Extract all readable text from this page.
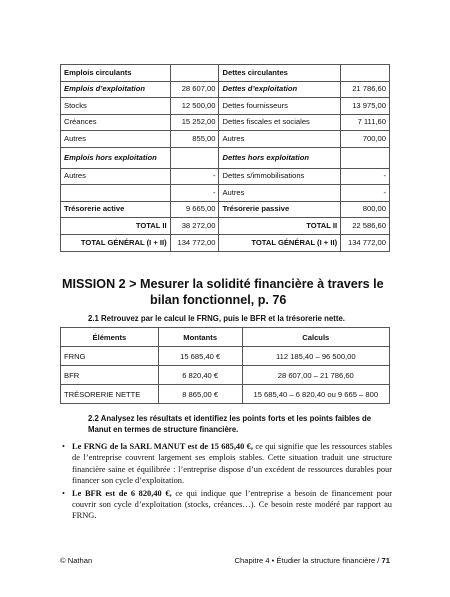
Emplois circulants		Dettes circulantes	
Emplois d’exploitation	28 607,00	Dettes d’exploitation	21 786,60
Stocks	12 500,00	Dettes fournisseurs	13 975,00
Créances	15 252,00	Dettes fiscales et sociales	7 111,60
Autres	855,00	Autres	700,00
Emplois hors exploitation		Dettes hors exploitation	
Autres	-	Dettes s/immobilisations	-
	-	Autres	-
Trésorerie active	9 665,00	Trésorerie passive	800,00
TOTAL II	38 272,00	TOTAL II	22 586,60
TOTAL GÉNÉRAL (I + II)	134 772,00	TOTAL GÉNÉRAL (I + II)	134 772,00
MISSION 2 > Mesurer la solidité financière à travers le
bilan fonctionnel, p. 76
2.1 Retrouvez par le calcul le FRNG, puis le BFR et la trésorerie nette.
Éléments	Montants	Calculs
FRNG	15 685,40 €	112 185,40 – 96 500,00
BFR	6 820,40 €	28 607,00 – 21 786,60
TRÉSORERIE NETTE	8 865,00 €	15 685,40 – 6 820,40 ou 9 665 – 800
2.2 Analysez les résultats et identifiez les points forts et les points faibles de Manut en termes de structure financière.
• Le FRNG de la SARL MANUT est de 15 685,40 €, ce qui signifie que les ressources stables de l’entreprise couvrent largement ses emplois stables. Cette situation traduit une structure financière saine et équilibrée : l’entreprise dispose d’un excédent de ressources durables pour financer son cycle d’exploitation.
• Le BFR est de 6 820,40 €, ce qui indique que l’entreprise a besoin de financement pour couvrir son cycle d’exploitation (stocks, créances…). Ce besoin reste modéré par rapport au FRNG.
© Nathan	Chapitre 4 • Étudier la structure financière / 71
